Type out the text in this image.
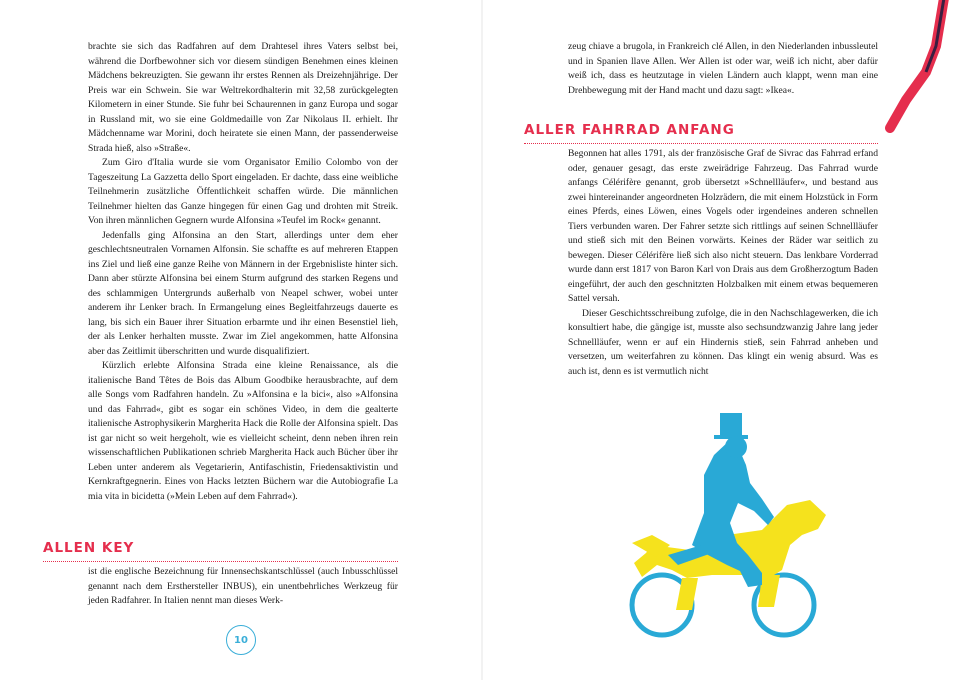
brachte sie sich das Radfahren auf dem Drahtesel ihres Vaters selbst bei, während die Dorfbewohner sich vor diesem sündigen Benehmen eines kleinen Mädchens bekreuzigten. Sie gewann ihr erstes Rennen als Dreizehnjährige. Der Preis war ein Schwein. Sie war Weltrekordhalterin mit 32,58 zurückgelegten Kilometern in einer Stunde. Sie fuhr bei Schaurennen in ganz Europa und sogar in Russland mit, wo sie eine Goldmedaille von Zar Nikolaus II. erhielt. Ihr Mädchenname war Morini, doch heiratete sie einen Mann, der passenderweise Strada hieß, also »Straße«.

Zum Giro d'Italia wurde sie vom Organisator Emilio Colombo von der Tageszeitung La Gazzetta dello Sport eingeladen. Er dachte, dass eine weibliche Teilnehmerin zusätzliche Öffentlichkeit schaffen würde. Die männlichen Teilnehmer hielten das Ganze hingegen für einen Gag und drohten mit Streik. Von ihren männlichen Gegnern wurde Alfonsina »Teufel im Rock« genannt.

Jedenfalls ging Alfonsina an den Start, allerdings unter dem eher geschlechtsneutralen Vornamen Alfonsin. Sie schaffte es auf mehreren Etappen ins Ziel und ließ eine ganze Reihe von Männern in der Ergebnisliste hinter sich. Dann aber stürzte Alfonsina bei einem Sturm aufgrund des starken Regens und des schlammigen Untergrunds außerhalb von Neapel schwer, wobei unter anderem ihr Lenker brach. In Ermangelung eines Begleitfahrzeugs dauerte es lang, bis sich ein Bauer ihrer Situation erbarmte und ihr einen Besenstiel lieh, der als Lenker herhalten musste. Zwar im Ziel angekommen, hatte Alfonsina aber das Zeitlimit überschritten und wurde disqualifiziert.

Kürzlich erlebte Alfonsina Strada eine kleine Renaissance, als die italienische Band Têtes de Bois das Album Goodbike herausbrachte, auf dem alle Songs vom Radfahren handeln. Zu »Alfonsina e la bici«, also »Alfonsina und das Fahrrad«, gibt es sogar ein schönes Video, in dem die gealterte italienische Astrophysikerin Margherita Hack die Rolle der Alfonsina spielt. Das ist gar nicht so weit hergeholt, wie es vielleicht scheint, denn neben ihren rein wissenschaftlichen Publikationen schrieb Margherita Hack auch Bücher über ihr Leben unter anderem als Vegetarierin, Antifaschistin, Friedensaktivistin und Kernkraftgegnerin. Eines von Hacks letzten Büchern war die Autobiografie La mia vita in bicidetta (»Mein Leben auf dem Fahrrad«).

ALLEN KEY

ist die englische Bezeichnung für Innensechskantschlüssel (auch Inbusschlüssel genannt nach dem Ersthersteller INBUS), ein unentbehrliches Werkzeug für jeden Radfahrer. In Italien nennt man dieses Werk-

10

zeug chiave a brugola, in Frankreich clé Allen, in den Niederlanden inbussleutel und in Spanien llave Allen. Wer Allen ist oder war, weiß ich nicht, aber dafür weiß ich, dass es heutzutage in vielen Ländern auch klappt, wenn man eine Drehbewegung mit der Hand macht und dazu sagt: »Ikea«.

ALLER FAHRRAD ANFANG

Begonnen hat alles 1791, als der französische Graf de Sivrac das Fahrrad erfand oder, genauer gesagt, das erste zweirädrige Fahrzeug. Das Fahrrad wurde anfangs Célérifère genannt, grob übersetzt »Schnellläufer«, und bestand aus zwei hintereinander angeordneten Holzrädern, die mit einem Holzstück in Form eines Pferds, eines Löwen, eines Vogels oder irgendeines anderen schnellen Tiers verbunden waren. Der Fahrer setzte sich rittlings auf seinen Schnellläufer und stieß sich mit den Beinen vorwärts. Keines der Räder war seitlich zu bewegen. Dieser Célérifère ließ sich also nicht steuern. Das lenkbare Vorderrad wurde dann erst 1817 von Baron Karl von Drais aus dem Großherzogtum Baden eingeführt, der auch den geschnitzten Holzbalken mit einem etwas bequemeren Sattel versah.

Dieser Geschichtsschreibung zufolge, die in den Nachschlagewerken, die ich konsultiert habe, die gängige ist, musste also sechsundzwanzig Jahre lang jeder Schnellläufer, wenn er auf ein Hindernis stieß, sein Fahrrad anheben und versetzen, um weiterfahren zu können. Das klingt ein wenig absurd. Was es auch ist, denn es ist vermutlich nicht
